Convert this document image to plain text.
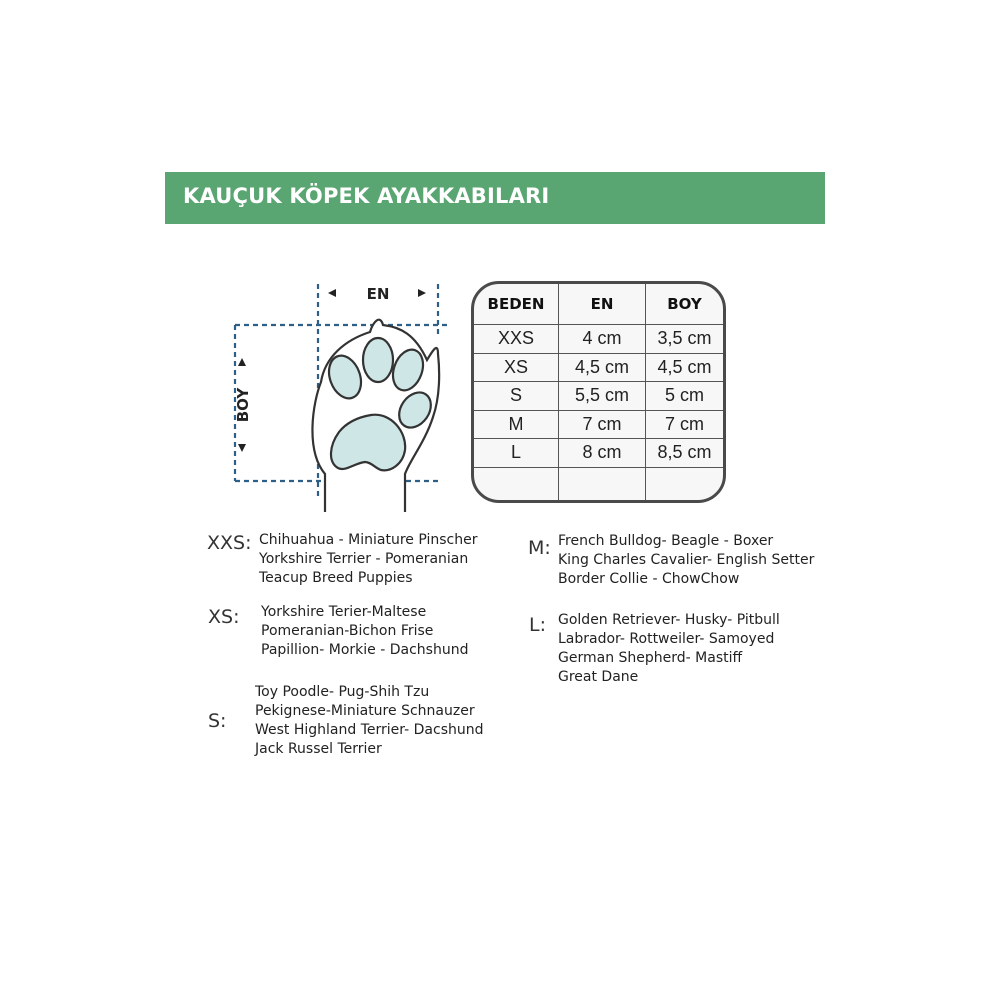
KAUÇUK KÖPEK AYAKKABILARI
EN
BOY
BEDEN	EN	BOY
XXS	4 cm	3,5 cm
XS	4,5 cm	4,5 cm
S	5,5 cm	5 cm
M	7 cm	7 cm
L	8 cm	8,5 cm

XXS: Chihuahua - Miniature Pinscher
Yorkshire Terrier - Pomeranian
Teacup Breed Puppies
XS: Yorkshire Terier-Maltese
Pomeranian-Bichon Frise
Papillion- Morkie - Dachshund
S:
Toy Poodle- Pug-Shih Tzu
Pekignese-Miniature Schnauzer
West Highland Terrier- Dacshund
Jack Russel Terrier
M: French Bulldog- Beagle - Boxer
King Charles Cavalier- English Setter
Border Collie - ChowChow
L: Golden Retriever- Husky- Pitbull
Labrador- Rottweiler- Samoyed
German Shepherd- Mastiff
Great Dane
